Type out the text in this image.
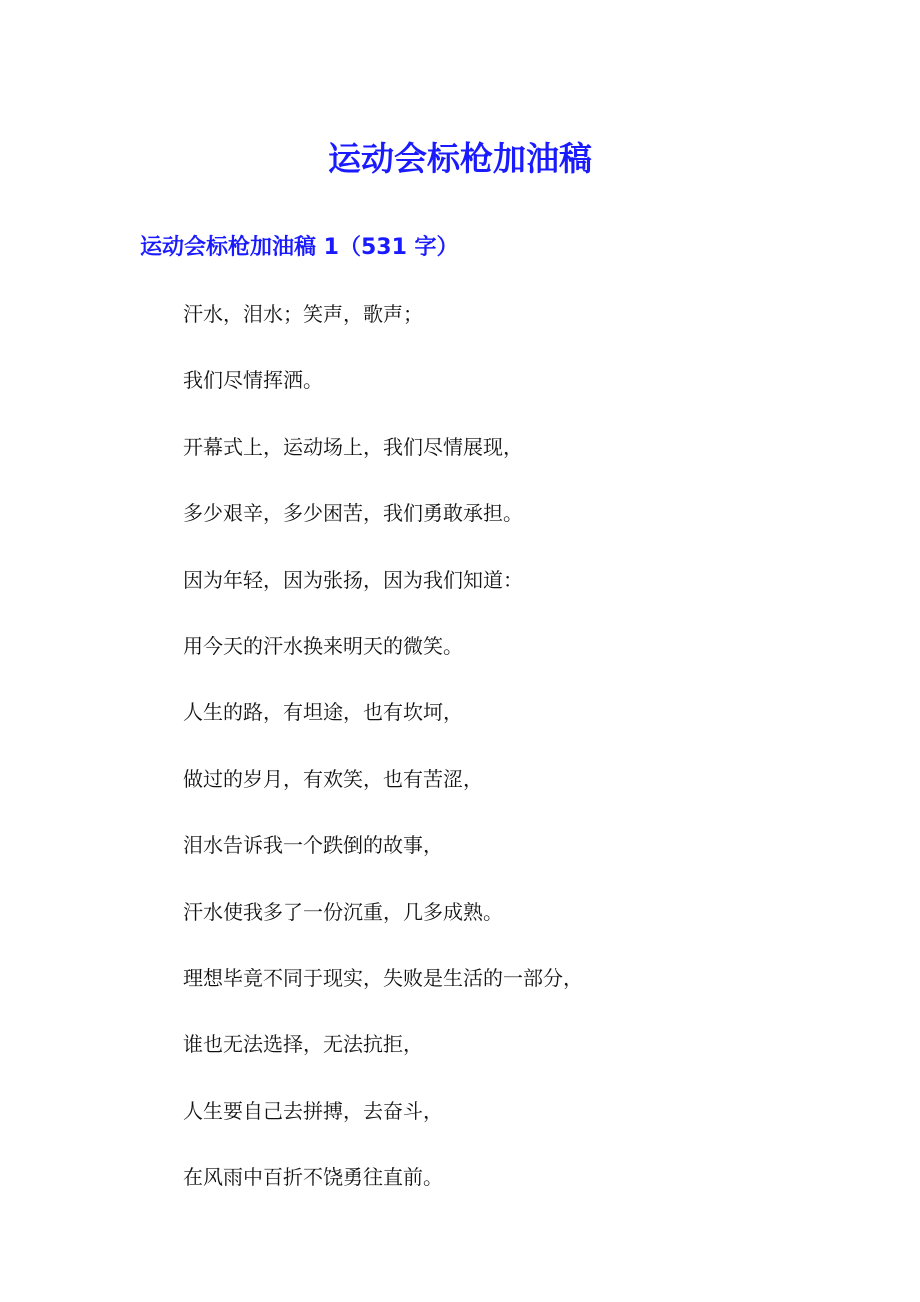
运动会标枪加油稿
运动会标枪加油稿 1（531 字）
汗水，泪水；笑声，歌声；
我们尽情挥洒。
开幕式上，运动场上，我们尽情展现，
多少艰辛，多少困苦，我们勇敢承担。
因为年轻，因为张扬，因为我们知道：
用今天的汗水换来明天的微笑。
人生的路，有坦途，也有坎坷，
做过的岁月，有欢笑，也有苦涩，
泪水告诉我一个跌倒的故事，
汗水使我多了一份沉重，几多成熟。
理想毕竟不同于现实，失败是生活的一部分，
谁也无法选择，无法抗拒，
人生要自己去拼搏，去奋斗，
在风雨中百折不饶勇往直前。
